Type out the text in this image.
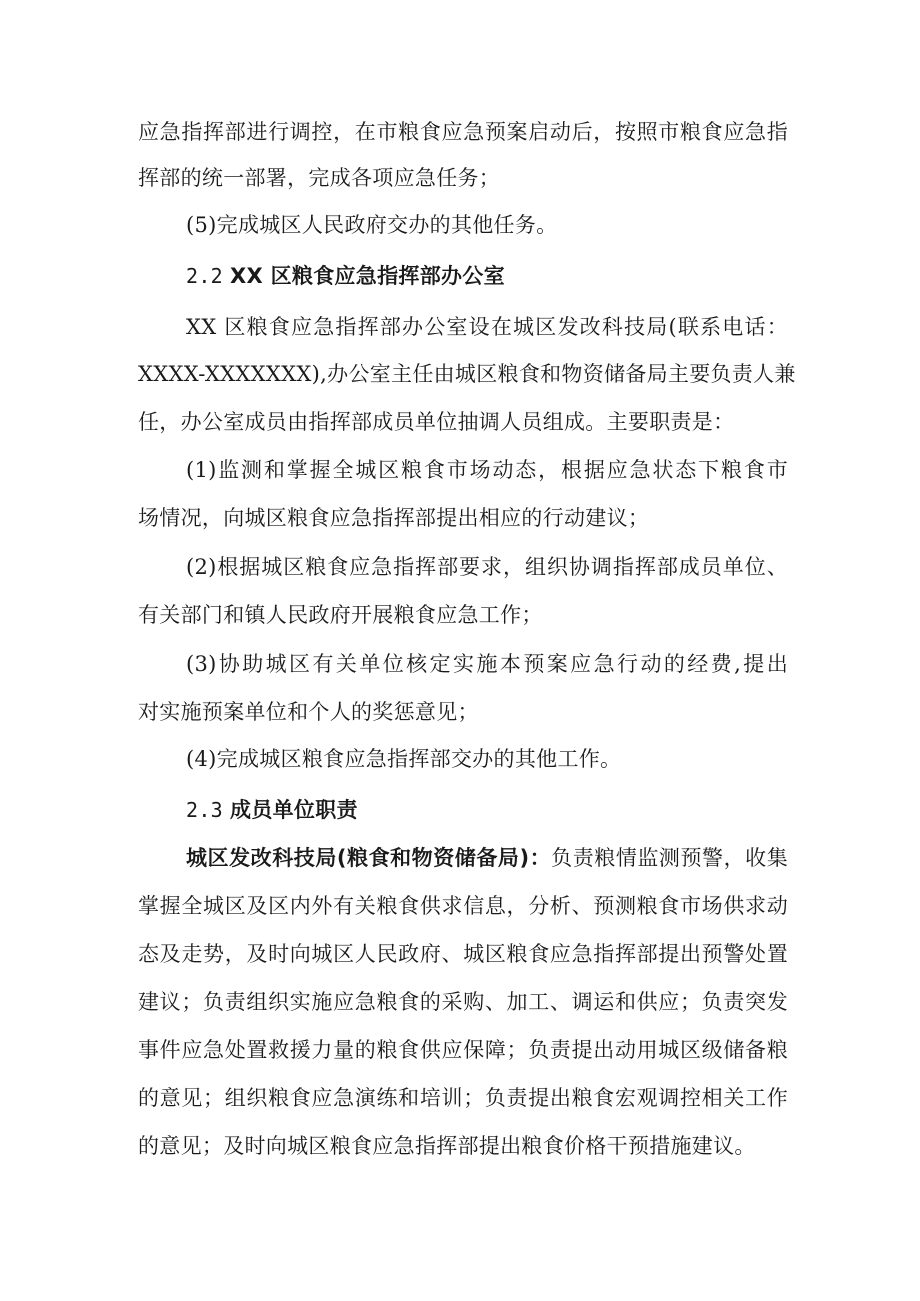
应急指挥部进行调控，在市粮食应急预案启动后，按照市粮食应急指
挥部的统一部署，完成各项应急任务；
(5)完成城区人民政府交办的其他任务。
2.2 XX 区粮食应急指挥部办公室
XX 区粮食应急指挥部办公室设在城区发改科技局(联系电话：
XXXX-XXXXXXX),办公室主任由城区粮食和物资储备局主要负责人兼
任，办公室成员由指挥部成员单位抽调人员组成。主要职责是：
(1)监测和掌握全城区粮食市场动态，根据应急状态下粮食市
场情况，向城区粮食应急指挥部提出相应的行动建议；
(2)根据城区粮食应急指挥部要求，组织协调指挥部成员单位、
有关部门和镇人民政府开展粮食应急工作；
(3)协助城区有关单位核定实施本预案应急行动的经费,提出
对实施预案单位和个人的奖惩意见；
(4)完成城区粮食应急指挥部交办的其他工作。
2.3 成员单位职责
城区发改科技局(粮食和物资储备局)：负责粮情监测预警，收集
掌握全城区及区内外有关粮食供求信息，分析、预测粮食市场供求动
态及走势，及时向城区人民政府、城区粮食应急指挥部提出预警处置
建议；负责组织实施应急粮食的采购、加工、调运和供应；负责突发
事件应急处置救援力量的粮食供应保障；负责提出动用城区级储备粮
的意见；组织粮食应急演练和培训；负责提出粮食宏观调控相关工作
的意见；及时向城区粮食应急指挥部提出粮食价格干预措施建议。
